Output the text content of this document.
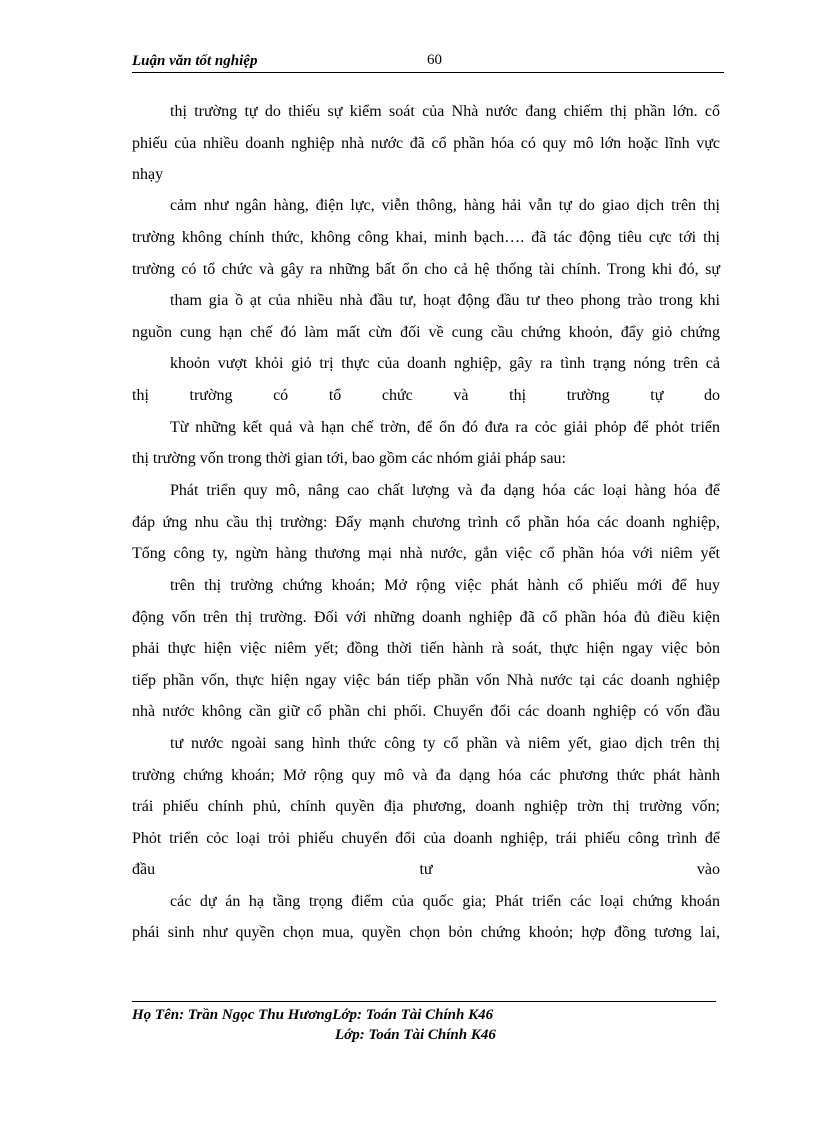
Luận văn tốt nghiệp	60
thị trường tự do thiếu sự kiểm soát của Nhà nước đang chiếm thị phần lớn. cổ
phiếu của nhiều doanh nghiệp nhà nước đã cổ phần hóa có quy mô lớn hoặc lĩnh vực
nhạy
cảm như ngân hàng, điện lực, viễn thông, hàng hải vẫn tự do giao dịch trên thị
trường không chính thức, không công khai, minh bạch…. đã tác động tiêu cực tới thị
trường có tổ chức và gây ra những bất ổn cho cả hệ thống tài chính. Trong khi đó, sự
tham gia ồ ạt của nhiều nhà đầu tư, hoạt động đầu tư theo phong trào trong khi
nguồn cung hạn chế đó làm mất cừn đối về cung cầu chứng khoỏn, đẩy giỏ chứng
khoỏn vượt khỏi giỏ trị thực của doanh nghiệp, gây ra tình trạng nóng trên cả
thị trường có tổ chức và thị trường tự do
Từ những kết quả và hạn chế trờn, để ổn đó đưa ra cỏc giải phỏp để phỏt triển
thị trường vốn trong thời gian tới, bao gồm các nhóm giải pháp sau:
Phát triển quy mô, nâng cao chất lượng và đa dạng hóa các loại hàng hóa để
đáp ứng nhu cầu thị trường: Đẩy mạnh chương trình cổ phần hóa các doanh nghiệp,
Tổng công ty, ngừn hàng thương mại nhà nước, gắn việc cổ phần hóa với niêm yết
trên thị trường chứng khoán; Mở rộng việc phát hành cổ phiếu mới để huy
động vốn trên thị trường. Đối với những doanh nghiệp đã cổ phần hóa đủ điều kiện
phải thực hiện việc niêm yết; đồng thời tiến hành rà soát, thực hiện ngay việc bỏn
tiếp phần vốn, thực hiện ngay việc bán tiếp phần vốn Nhà nước tại các doanh nghiệp
nhà nước không cần giữ cổ phần chi phối. Chuyển đổi các doanh nghiệp có vốn đầu
tư nước ngoài sang hình thức công ty cổ phần và niêm yết, giao dịch trên thị
trường chứng khoán; Mở rộng quy mô và đa dạng hóa các phương thức phát hành
trái phiếu chính phủ, chính quyền địa phương, doanh nghiệp trờn thị trường vốn;
Phỏt triển cỏc loại trỏi phiếu chuyển đổi của doanh nghiệp, trái phiếu công trình để
đầu tư vào
các dự án hạ tầng trọng điểm của quốc gia; Phát triển các loại chứng khoán
phái sinh như quyền chọn mua, quyền chọn bỏn chứng khoỏn; hợp đồng tương lai,
Họ Tên: Trần Ngọc Thu HươngLớp: Toán Tài Chính K46
Lớp: Toán Tài Chính K46
